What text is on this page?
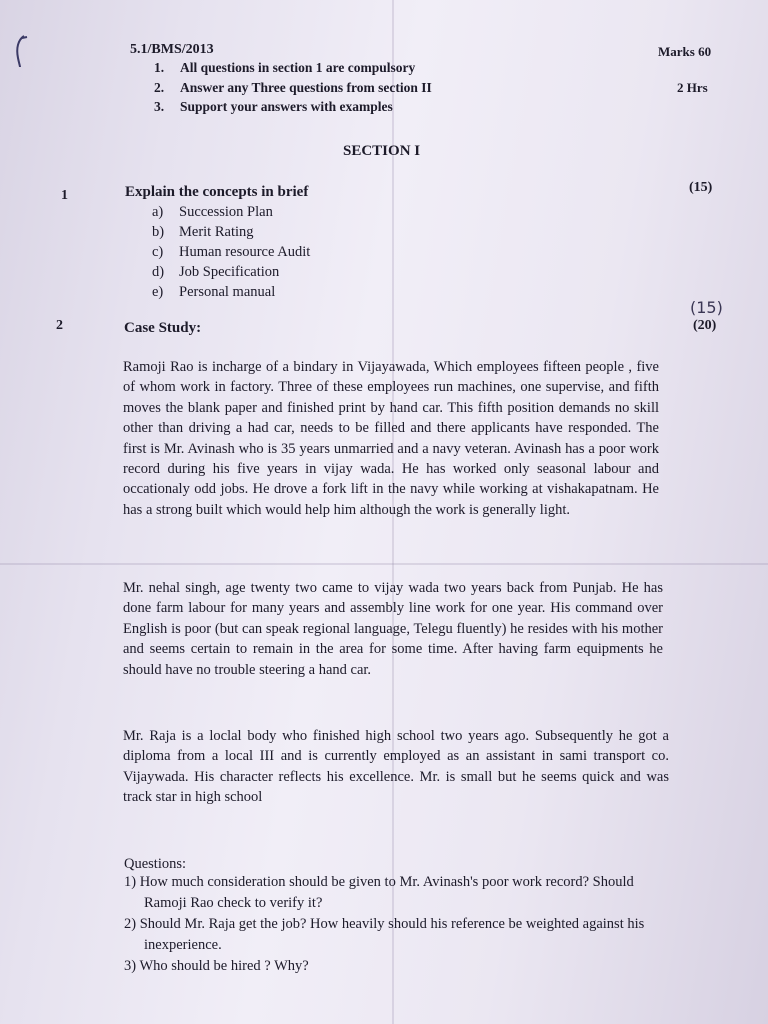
5.1/BMS/2013	Marks 60
2 Hrs
1. All questions in section 1 are compulsory
2. Answer any Three questions from section II
3. Support your answers with examples
SECTION I
1	Explain the concepts in brief	(15)
a) Succession Plan
b) Merit Rating
c) Human resource Audit
d) Job Specification
e) Personal manual
2	Case Study:
(15)
(20)

Ramoji Rao is incharge of a bindary in Vijayawada, Which employees fifteen people , five of whom work in factory. Three of these employees run machines, one supervise, and fifth moves the blank paper and finished print by hand car. This fifth position demands no skill other than driving a had car, needs to be filled and there applicants have responded. The first is Mr. Avinash who is 35 years unmarried and a navy veteran. Avinash has a poor work record during his five years in vijay wada. He has worked only seasonal labour and occationaly odd jobs. He drove a fork lift in the navy while working at vishakapatnam. He has a strong built which would help him although the work is generally light.

Mr. nehal singh, age twenty two came to vijay wada two years back from Punjab. He has done farm labour for many years and assembly line work for one year. His command over English is poor (but can speak regional language, Telegu fluently) he resides with his mother and seems certain to remain in the area for some time. After having farm equipments he should have no trouble steering a hand car.

Mr. Raja is a loclal body who finished high school two years ago. Subsequently he got a diploma from a local III and is currently employed as an assistant in sami transport co. Vijaywada. His character reflects his excellence. Mr. is small but he seems quick and was track star in high school

Questions:
1) How much consideration should be given to Mr. Avinash's poor work record? Should Ramoji Rao check to verify it?
2) Should Mr. Raja get the job? How heavily should his reference be weighted against his inexperience.
3) Who should be hired ? Why?
